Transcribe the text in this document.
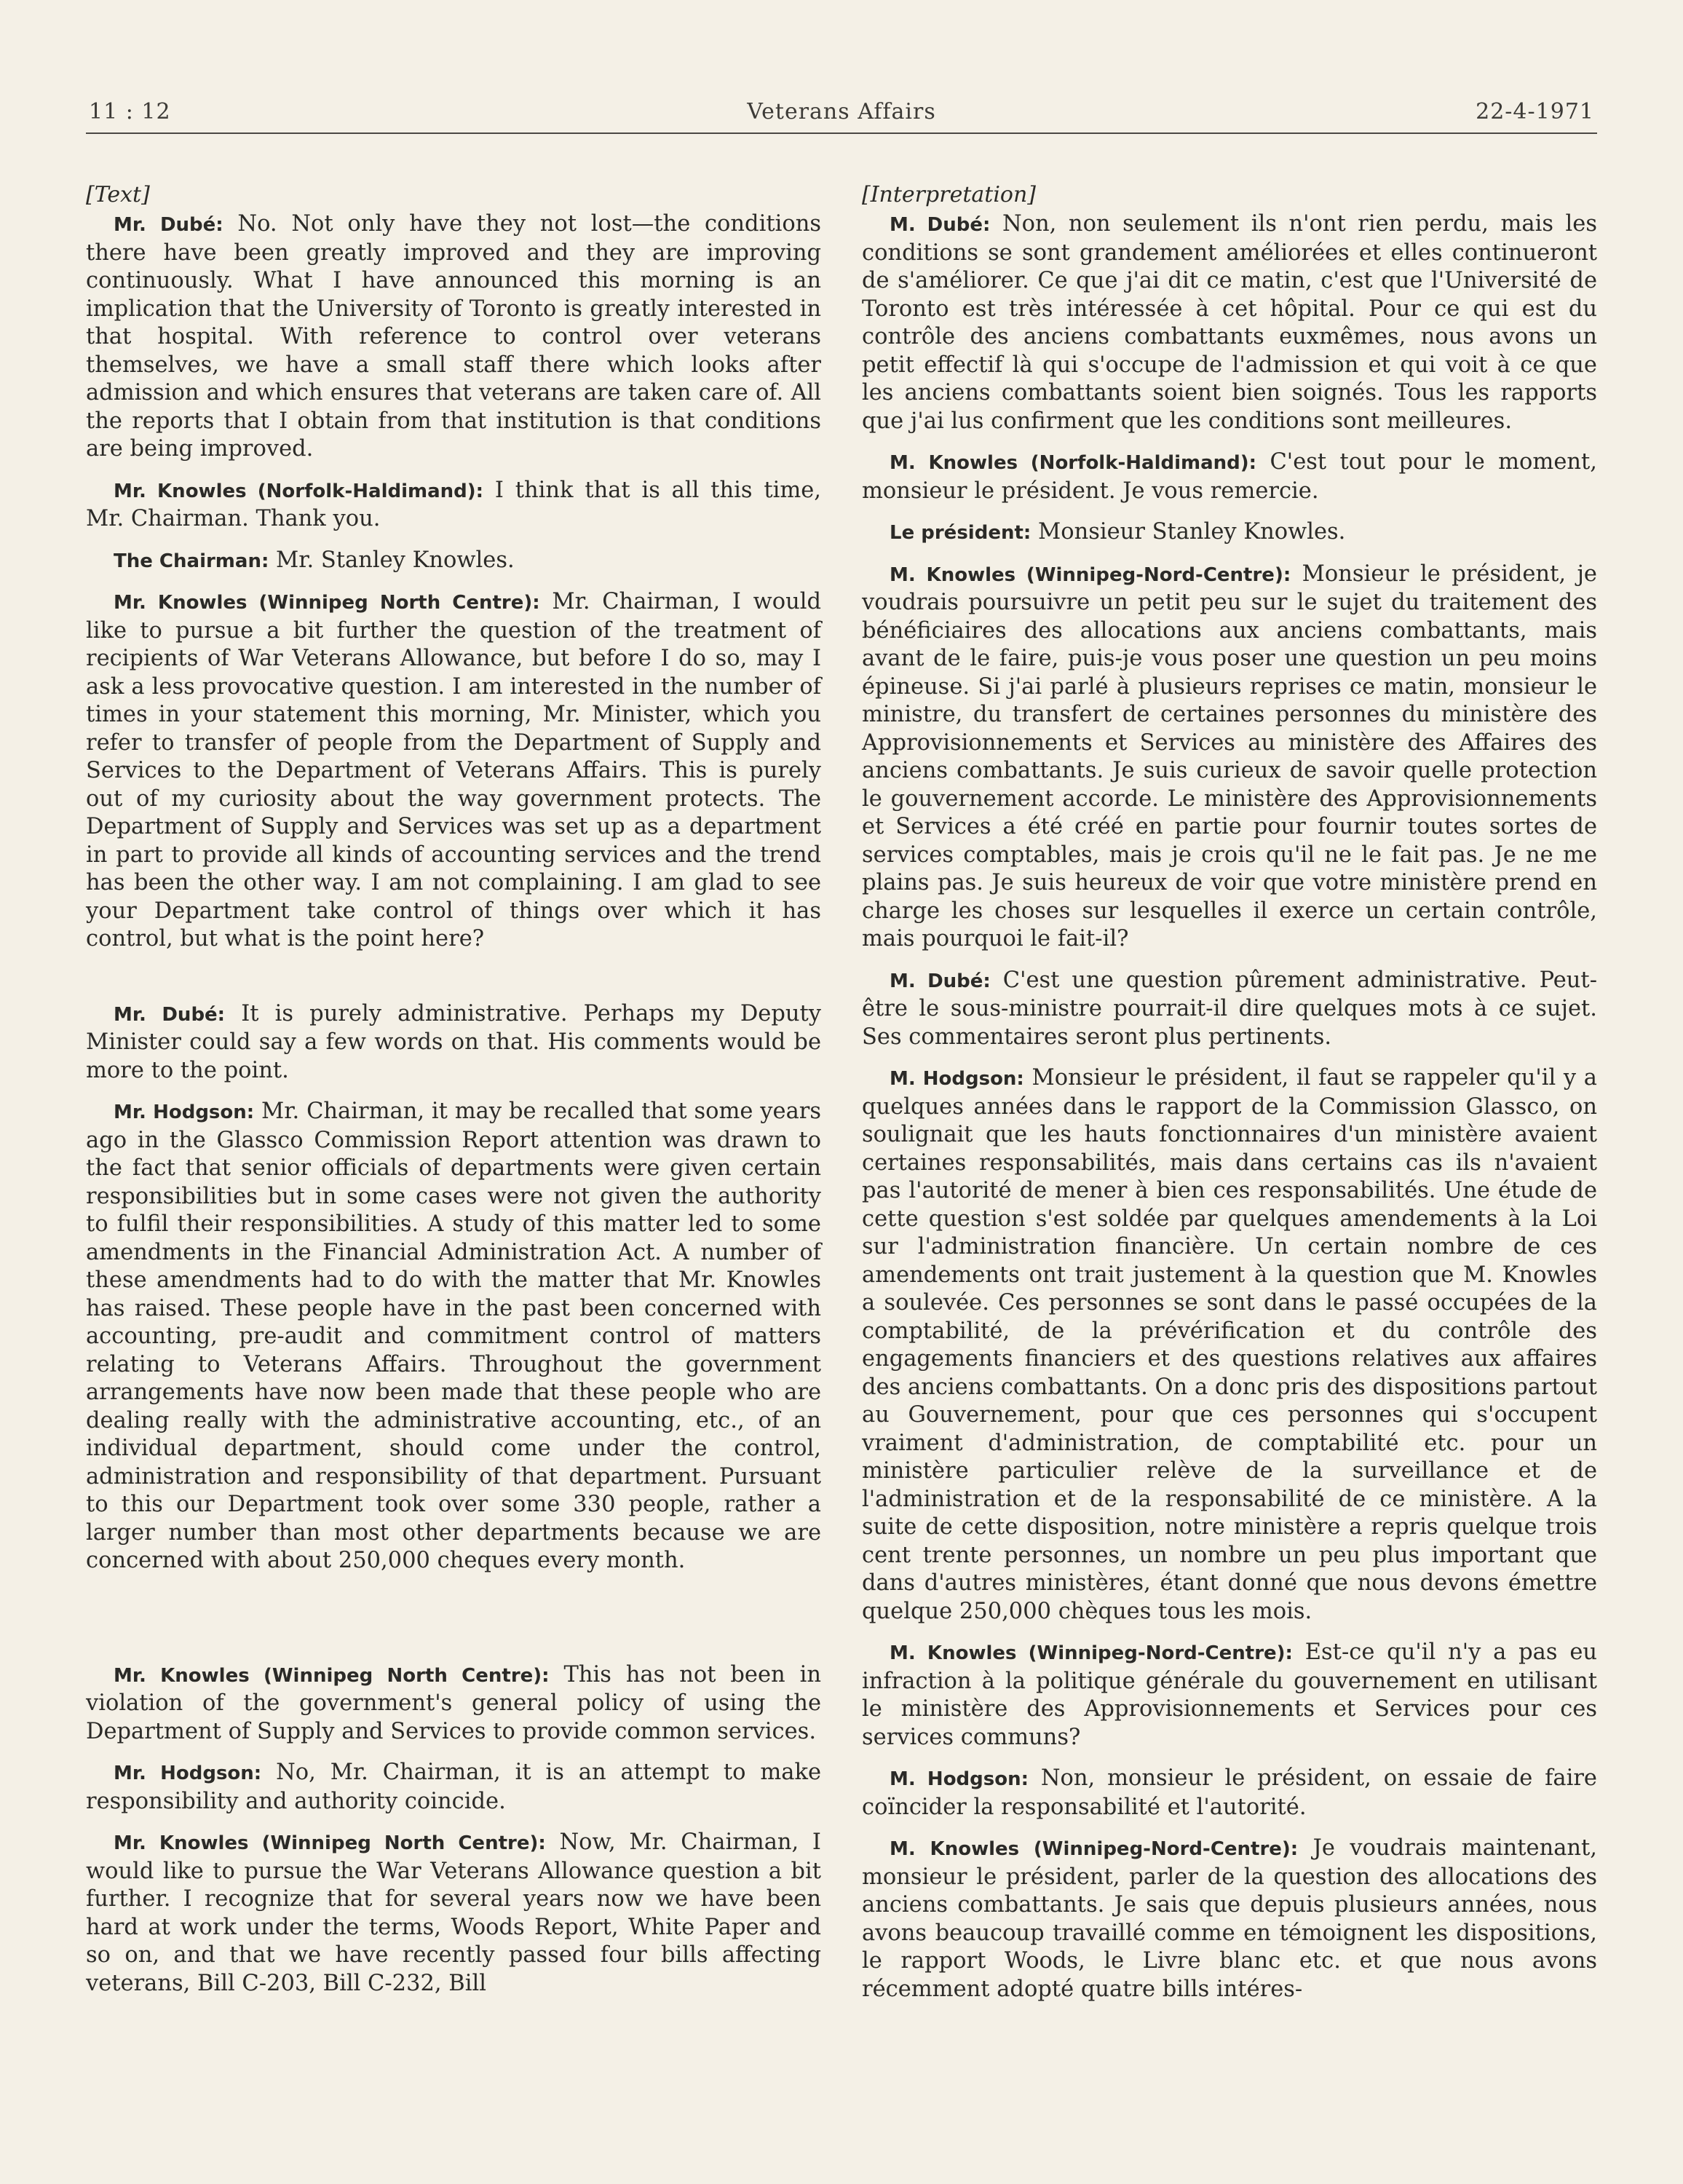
11 : 12	Veterans Affairs	22-4-1971
[Text]

Mr. Dubé: No. Not only have they not lost—the conditions there have been greatly improved and they are improving continuously. What I have announced this morning is an implication that the University of Toronto is greatly interested in that hospital. With reference to control over veterans themselves, we have a small staff there which looks after admission and which ensures that veterans are taken care of. All the reports that I obtain from that institution is that conditions are being improved.

Mr. Knowles (Norfolk-Haldimand): I think that is all this time, Mr. Chairman. Thank you.

The Chairman: Mr. Stanley Knowles.

Mr. Knowles (Winnipeg North Centre): Mr. Chairman, I would like to pursue a bit further the question of the treatment of recipients of War Veterans Allowance, but before I do so, may I ask a less provocative question. I am interested in the number of times in your statement this morning, Mr. Minister, which you refer to transfer of people from the Department of Supply and Services to the Department of Veterans Affairs. This is purely out of my curiosity about the way government protects. The Department of Supply and Services was set up as a department in part to provide all kinds of accounting services and the trend has been the other way. I am not complaining. I am glad to see your Department take control of things over which it has control, but what is the point here?

Mr. Dubé: It is purely administrative. Perhaps my Deputy Minister could say a few words on that. His comments would be more to the point.

Mr. Hodgson: Mr. Chairman, it may be recalled that some years ago in the Glassco Commission Report attention was drawn to the fact that senior officials of departments were given certain responsibilities but in some cases were not given the authority to fulfil their responsibilities. A study of this matter led to some amendments in the Financial Administration Act. A number of these amendments had to do with the matter that Mr. Knowles has raised. These people have in the past been concerned with accounting, pre-audit and commitment control of matters relating to Veterans Affairs. Throughout the government arrangements have now been made that these people who are dealing really with the administrative accounting, etc., of an individual department, should come under the control, administration and responsibility of that department. Pursuant to this our Department took over some 330 people, rather a larger number than most other departments because we are concerned with about 250,000 cheques every month.

Mr. Knowles (Winnipeg North Centre): This has not been in violation of the government's general policy of using the Department of Supply and Services to provide common services.

Mr. Hodgson: No, Mr. Chairman, it is an attempt to make responsibility and authority coincide.

Mr. Knowles (Winnipeg North Centre): Now, Mr. Chairman, I would like to pursue the War Veterans Allowance question a bit further. I recognize that for several years now we have been hard at work under the terms, Woods Report, White Paper and so on, and that we have recently passed four bills affecting veterans, Bill C-203, Bill C-232, Bill

[Interpretation]

M. Dubé: Non, non seulement ils n'ont rien perdu, mais les conditions se sont grandement améliorées et elles continueront de s'améliorer. Ce que j'ai dit ce matin, c'est que l'Université de Toronto est très intéressée à cet hôpital. Pour ce qui est du contrôle des anciens combattants euxmêmes, nous avons un petit effectif là qui s'occupe de l'admission et qui voit à ce que les anciens combattants soient bien soignés. Tous les rapports que j'ai lus confirment que les conditions sont meilleures.

M. Knowles (Norfolk-Haldimand): C'est tout pour le moment, monsieur le président. Je vous remercie.

Le président: Monsieur Stanley Knowles.

M. Knowles (Winnipeg-Nord-Centre): Monsieur le président, je voudrais poursuivre un petit peu sur le sujet du traitement des bénéficiaires des allocations aux anciens combattants, mais avant de le faire, puis-je vous poser une question un peu moins épineuse. Si j'ai parlé à plusieurs reprises ce matin, monsieur le ministre, du transfert de certaines personnes du ministère des Approvisionnements et Services au ministère des Affaires des anciens combattants. Je suis curieux de savoir quelle protection le gouvernement accorde. Le ministère des Approvisionnements et Services a été créé en partie pour fournir toutes sortes de services comptables, mais je crois qu'il ne le fait pas. Je ne me plains pas. Je suis heureux de voir que votre ministère prend en charge les choses sur lesquelles il exerce un certain contrôle, mais pourquoi le fait-il?

M. Dubé: C'est une question pûrement administrative. Peut-être le sous-ministre pourrait-il dire quelques mots à ce sujet. Ses commentaires seront plus pertinents.

M. Hodgson: Monsieur le président, il faut se rappeler qu'il y a quelques années dans le rapport de la Commission Glassco, on soulignait que les hauts fonctionnaires d'un ministère avaient certaines responsabilités, mais dans certains cas ils n'avaient pas l'autorité de mener à bien ces responsabilités. Une étude de cette question s'est soldée par quelques amendements à la Loi sur l'administration financière. Un certain nombre de ces amendements ont trait justement à la question que M. Knowles a soulevée. Ces personnes se sont dans le passé occupées de la comptabilité, de la prévérification et du contrôle des engagements financiers et des questions relatives aux affaires des anciens combattants. On a donc pris des dispositions partout au Gouvernement, pour que ces personnes qui s'occupent vraiment d'administration, de comptabilité etc. pour un ministère particulier relève de la surveillance et de l'administration et de la responsabilité de ce ministère. A la suite de cette disposition, notre ministère a repris quelque trois cent trente personnes, un nombre un peu plus important que dans d'autres ministères, étant donné que nous devons émettre quelque 250,000 chèques tous les mois.

M. Knowles (Winnipeg-Nord-Centre): Est-ce qu'il n'y a pas eu infraction à la politique générale du gouvernement en utilisant le ministère des Approvisionnements et Services pour ces services communs?

M. Hodgson: Non, monsieur le président, on essaie de faire coïncider la responsabilité et l'autorité.

M. Knowles (Winnipeg-Nord-Centre): Je voudrais maintenant, monsieur le président, parler de la question des allocations des anciens combattants. Je sais que depuis plusieurs années, nous avons beaucoup travaillé comme en témoignent les dispositions, le rapport Woods, le Livre blanc etc. et que nous avons récemment adopté quatre bills intéres-
